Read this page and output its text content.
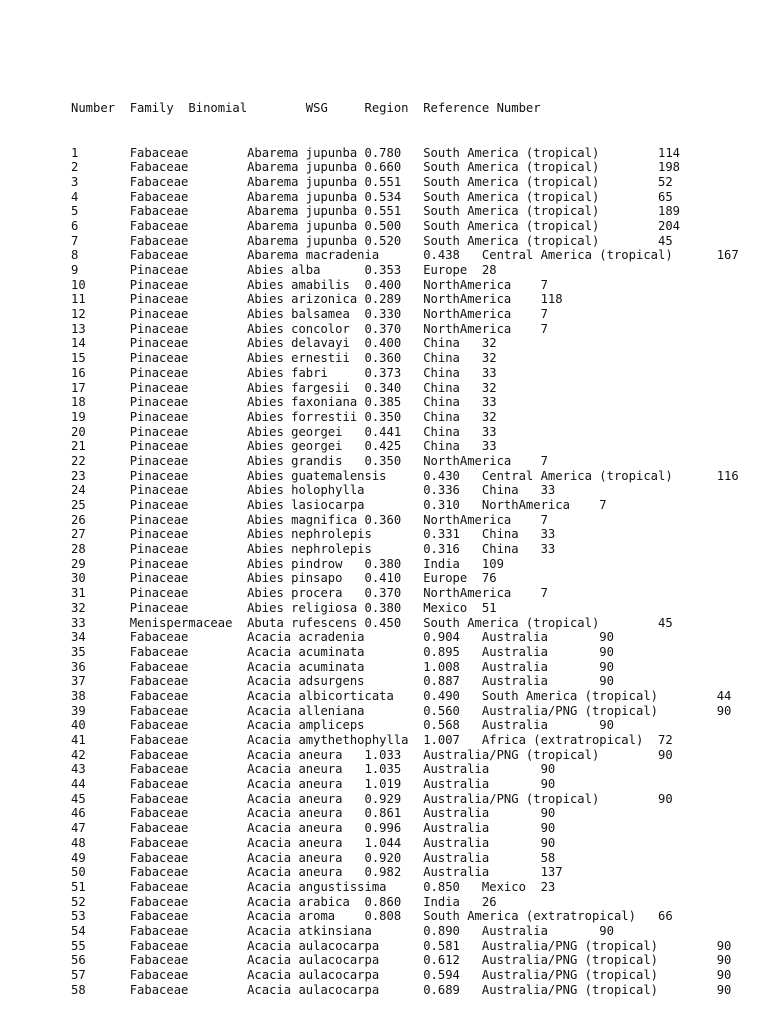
Number  Family  Binomial        WSG     Region  Reference Number

1       Fabaceae        Abarema jupunba 0.780   South America (tropical)        114
2       Fabaceae        Abarema jupunba 0.660   South America (tropical)        198
3       Fabaceae        Abarema jupunba 0.551   South America (tropical)        52
4       Fabaceae        Abarema jupunba 0.534   South America (tropical)        65
5       Fabaceae        Abarema jupunba 0.551   South America (tropical)        189
6       Fabaceae        Abarema jupunba 0.500   South America (tropical)        204
7       Fabaceae        Abarema jupunba 0.520   South America (tropical)        45
8       Fabaceae        Abarema macradenia      0.438   Central America (tropical)      167
9       Pinaceae        Abies alba      0.353   Europe  28
10      Pinaceae        Abies amabilis  0.400   NorthAmerica    7
11      Pinaceae        Abies arizonica 0.289   NorthAmerica    118
12      Pinaceae        Abies balsamea  0.330   NorthAmerica    7
13      Pinaceae        Abies concolor  0.370   NorthAmerica    7
14      Pinaceae        Abies delavayi  0.400   China   32
15      Pinaceae        Abies ernestii  0.360   China   32
16      Pinaceae        Abies fabri     0.373   China   33
17      Pinaceae        Abies fargesii  0.340   China   32
18      Pinaceae        Abies faxoniana 0.385   China   33
19      Pinaceae        Abies forrestii 0.350   China   32
20      Pinaceae        Abies georgei   0.441   China   33
21      Pinaceae        Abies georgei   0.425   China   33
22      Pinaceae        Abies grandis   0.350   NorthAmerica    7
23      Pinaceae        Abies guatemalensis     0.430   Central America (tropical)      116
24      Pinaceae        Abies holophylla        0.336   China   33
25      Pinaceae        Abies lasiocarpa        0.310   NorthAmerica    7
26      Pinaceae        Abies magnifica 0.360   NorthAmerica    7
27      Pinaceae        Abies nephrolepis       0.331   China   33
28      Pinaceae        Abies nephrolepis       0.316   China   33
29      Pinaceae        Abies pindrow   0.380   India   109
30      Pinaceae        Abies pinsapo   0.410   Europe  76
31      Pinaceae        Abies procera   0.370   NorthAmerica    7
32      Pinaceae        Abies religiosa 0.380   Mexico  51
33      Menispermaceae  Abuta rufescens 0.450   South America (tropical)        45
34      Fabaceae        Acacia acradenia        0.904   Australia       90
35      Fabaceae        Acacia acuminata        0.895   Australia       90
36      Fabaceae        Acacia acuminata        1.008   Australia       90
37      Fabaceae        Acacia adsurgens        0.887   Australia       90
38      Fabaceae        Acacia albicorticata    0.490   South America (tropical)        44
39      Fabaceae        Acacia alleniana        0.560   Australia/PNG (tropical)        90
40      Fabaceae        Acacia ampliceps        0.568   Australia       90
41      Fabaceae        Acacia amythethophylla  1.007   Africa (extratropical)  72
42      Fabaceae        Acacia aneura   1.033   Australia/PNG (tropical)        90
43      Fabaceae        Acacia aneura   1.035   Australia       90
44      Fabaceae        Acacia aneura   1.019   Australia       90
45      Fabaceae        Acacia aneura   0.929   Australia/PNG (tropical)        90
46      Fabaceae        Acacia aneura   0.861   Australia       90
47      Fabaceae        Acacia aneura   0.996   Australia       90
48      Fabaceae        Acacia aneura   1.044   Australia       90
49      Fabaceae        Acacia aneura   0.920   Australia       58
50      Fabaceae        Acacia aneura   0.982   Australia       137
51      Fabaceae        Acacia angustissima     0.850   Mexico  23
52      Fabaceae        Acacia arabica  0.860   India   26
53      Fabaceae        Acacia aroma    0.808   South America (extratropical)   66
54      Fabaceae        Acacia atkinsiana       0.890   Australia       90
55      Fabaceae        Acacia aulacocarpa      0.581   Australia/PNG (tropical)        90
56      Fabaceae        Acacia aulacocarpa      0.612   Australia/PNG (tropical)        90
57      Fabaceae        Acacia aulacocarpa      0.594   Australia/PNG (tropical)        90
58      Fabaceae        Acacia aulacocarpa      0.689   Australia/PNG (tropical)        90
